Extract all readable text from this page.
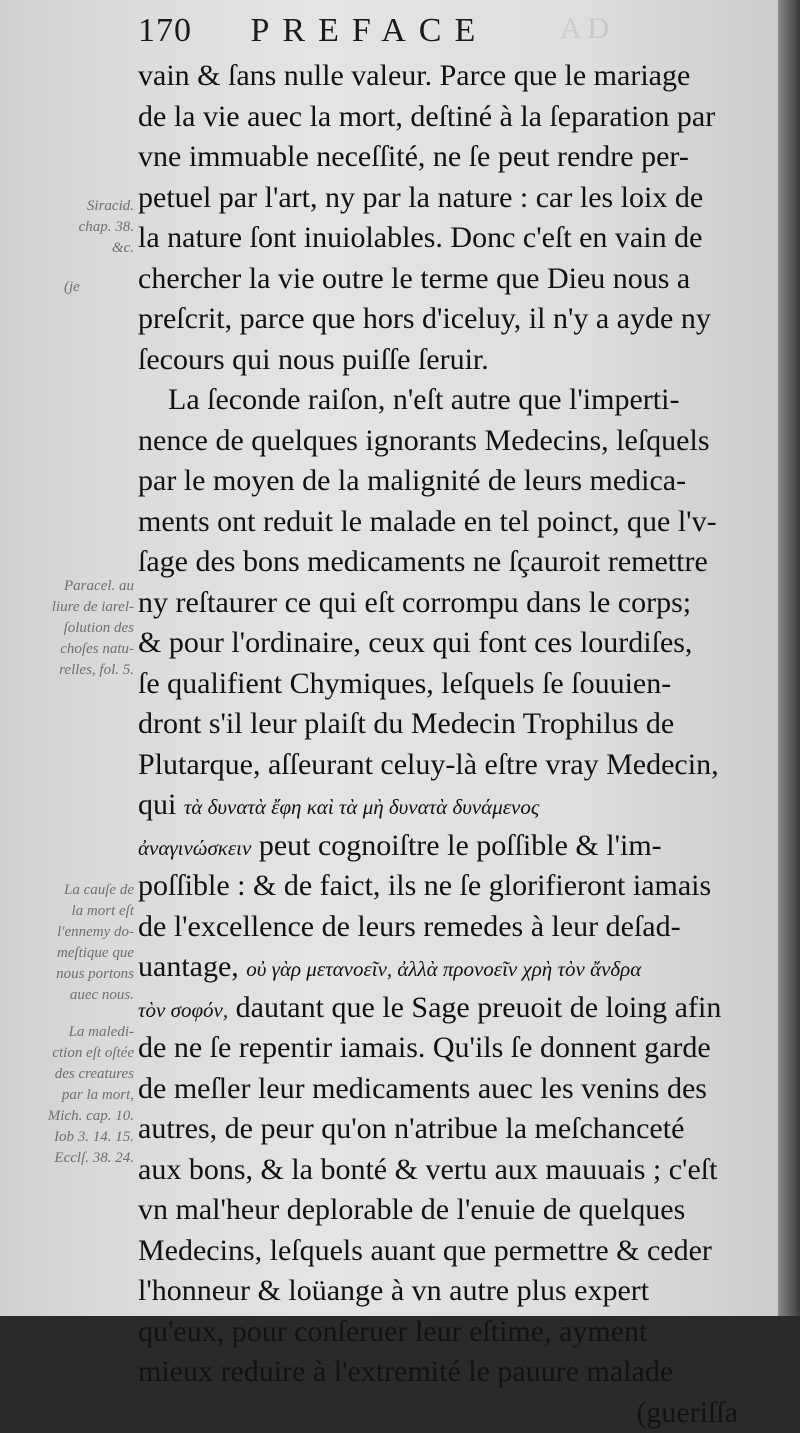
A D
170 PREFACE
Siracid.
chap. 38.
&c.
(je
Paracel. au
liure de iarel-
ſolution des
choſes natu-
relles, fol. 5.
La cauſe de
la mort eſt
l'ennemy do-
meſtique que
nous portons
auec nous.
La maledi-
ction eſt oſtée
des creatures
par la mort,
Mich. cap. 10.
Iob 3. 14. 15.
Ecclſ. 38. 24.
vain & ſans nulle valeur. Parce que le mariage
de la vie auec la mort, deſtiné à la ſeparation par
vne immuable neceſſité, ne ſe peut rendre per-
petuel par l'art, ny par la nature : car les loix de
la nature ſont inuiolables. Donc c'eſt en vain de
chercher la vie outre le terme que Dieu nous a
preſcrit, parce que hors d'iceluy, il n'y a ayde ny
ſecours qui nous puiſſe ſeruir.
La ſeconde raiſon, n'eſt autre que l'imperti-
nence de quelques ignorants Medecins, leſquels
par le moyen de la malignité de leurs medica-
ments ont reduit le malade en tel poinct, que l'v-
ſage des bons medicaments ne ſçauroit remettre
ny reſtaurer ce qui eſt corrompu dans le corps;
& pour l'ordinaire, ceux qui font ces lourdiſes,
ſe qualifient Chymiques, leſquels ſe ſouuien-
dront s'il leur plaiſt du Medecin Trophilus de
Plutarque, aſſeurant celuy-là eſtre vray Medecin,
qui τὰ δυνατὰ ἔφη καὶ τὰ μὴ δυνατὰ δυνάμενος
ἀναγινώσκειν peut cognoiſtre le poſſible & l'im-
poſſible : & de faict, ils ne ſe glorifieront iamais
de l'excellence de leurs remedes à leur deſad-
uantage, οὐ γὰρ μετανοεῖν, ἀλλὰ προνοεῖν χρὴ τὸν ἄνδρα
τὸν σοφόν, dautant que le Sage preuoit de loing afin
de ne ſe repentir iamais. Qu'ils ſe donnent garde
de meſler leur medicaments auec les venins des
autres, de peur qu'on n'atribue la meſchanceté
aux bons, & la bonté & vertu aux mauuais ; c'eſt
vn mal'heur deplorable de l'enuie de quelques
Medecins, leſquels auant que permettre & ceder
l'honneur & loüange à vn autre plus expert
qu'eux, pour conſeruer leur eſtime, ayment
mieux reduire à l'extremité le pauure malade
(gueriſſa
